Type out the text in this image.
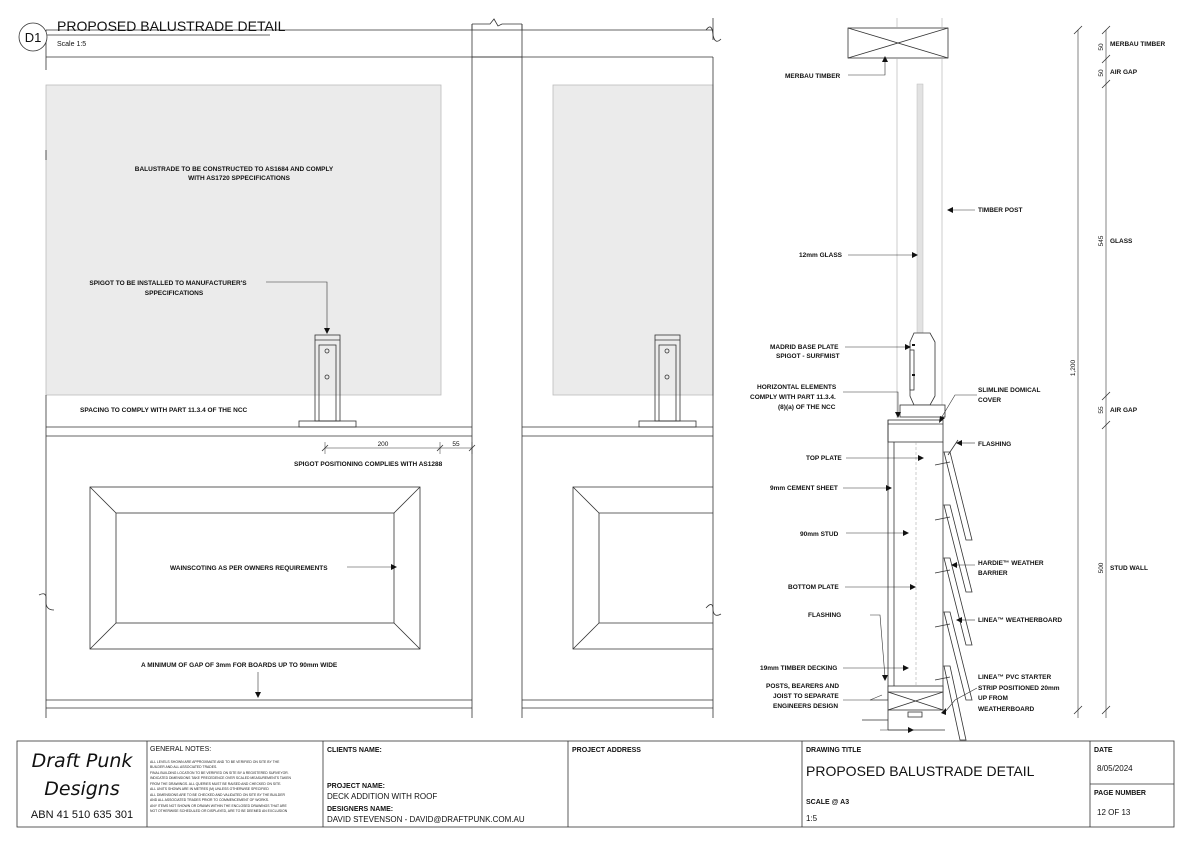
D1
PROPOSED BALUSTRADE DETAIL
Scale 1:5
BALUSTRADE TO BE CONSTRUCTED TO AS1684 AND COMPLY
WITH AS1720 SPPECIFICATIONS
SPIGOT TO BE INSTALLED TO MANUFACTURER'S
SPPECIFICATIONS
SPACING TO COMPLY WITH PART 11.3.4 OF THE NCC
200	55
SPIGOT POSITIONING COMPLIES WITH AS1288
WAINSCOTING AS PER OWNERS REQUIREMENTS
A MINIMUM OF GAP OF 3mm FOR BOARDS UP TO 90mm WIDE
MERBAU TIMBER
TIMBER POST
12mm GLASS
MADRID BASE PLATE
SPIGOT - SURFMIST
HORIZONTAL ELEMENTS
COMPLY WITH PART 11.3.4.
(8)(a) OF THE NCC
SLIMLINE DOMICAL
COVER
FLASHING
TOP PLATE
9mm CEMENT SHEET
90mm STUD
HARDIE™ WEATHER
BARRIER
BOTTOM PLATE
FLASHING
LINEA™ WEATHERBOARD
19mm TIMBER DECKING
POSTS, BEARERS AND
JOIST TO SEPARATE
ENGINEERS DESIGN
LINEA™ PVC STARTER
STRIP POSITIONED 20mm
UP FROM
WEATHERBOARD
50 MERBAU TIMBER
50 AIR GAP
545 GLASS
55 AIR GAP
500 STUD WALL
1,200
Draft Punk
Designs
ABN 41 510 635 301
GENERAL NOTES:
ALL LEVELS SHOWN ARE APPROXIMATE AND TO BE VERIFIED ON SITE BY THE
BUILDER AND ALL ASSOCIATED TRADES.
FINAL BUILDING LOCATION TO BE VERIFIED ON SITE BY A REGISTERED SURVEYOR.
INDICATED DIMENSIONS TAKE PRECEDENCE OVER SCALED MEASUREMENTS TAKEN
FROM THE DRAWINGS. ALL QUERIES MUST BE RAISED AND CHECKED ON SITE.
ALL UNITS SHOWN ARE IN METRES (M) UNLESS OTHERWISE SPECIFIED
ALL DIMENSIONS ARE TO BE CHECKED AND VALIDATED ON SITE BY THE BUILDER
AND ALL ASSOCIATED TRADES PRIOR TO COMMENCEMENT OF WORKS.
ANY ITEMS NOT SHOWN OR DRAWN WITHIN THE ENCLOSED DRAWINGS THAT ARE
NOT OTHERWISE SCHEDULED OR DISPLAYED, ARE TO BE DEEMED AN EXCLUSION
CLIENTS NAME:
PROJECT NAME:
DECK ADDITION WITH ROOF
DESIGNERS NAME:
DAVID STEVENSON - DAVID@DRAFTPUNK.COM.AU
PROJECT ADDRESS	DRAWING TITLE
PROPOSED BALUSTRADE DETAIL
SCALE @ A3
1:5
DATE
8/05/2024
PAGE NUMBER
12 OF 13
